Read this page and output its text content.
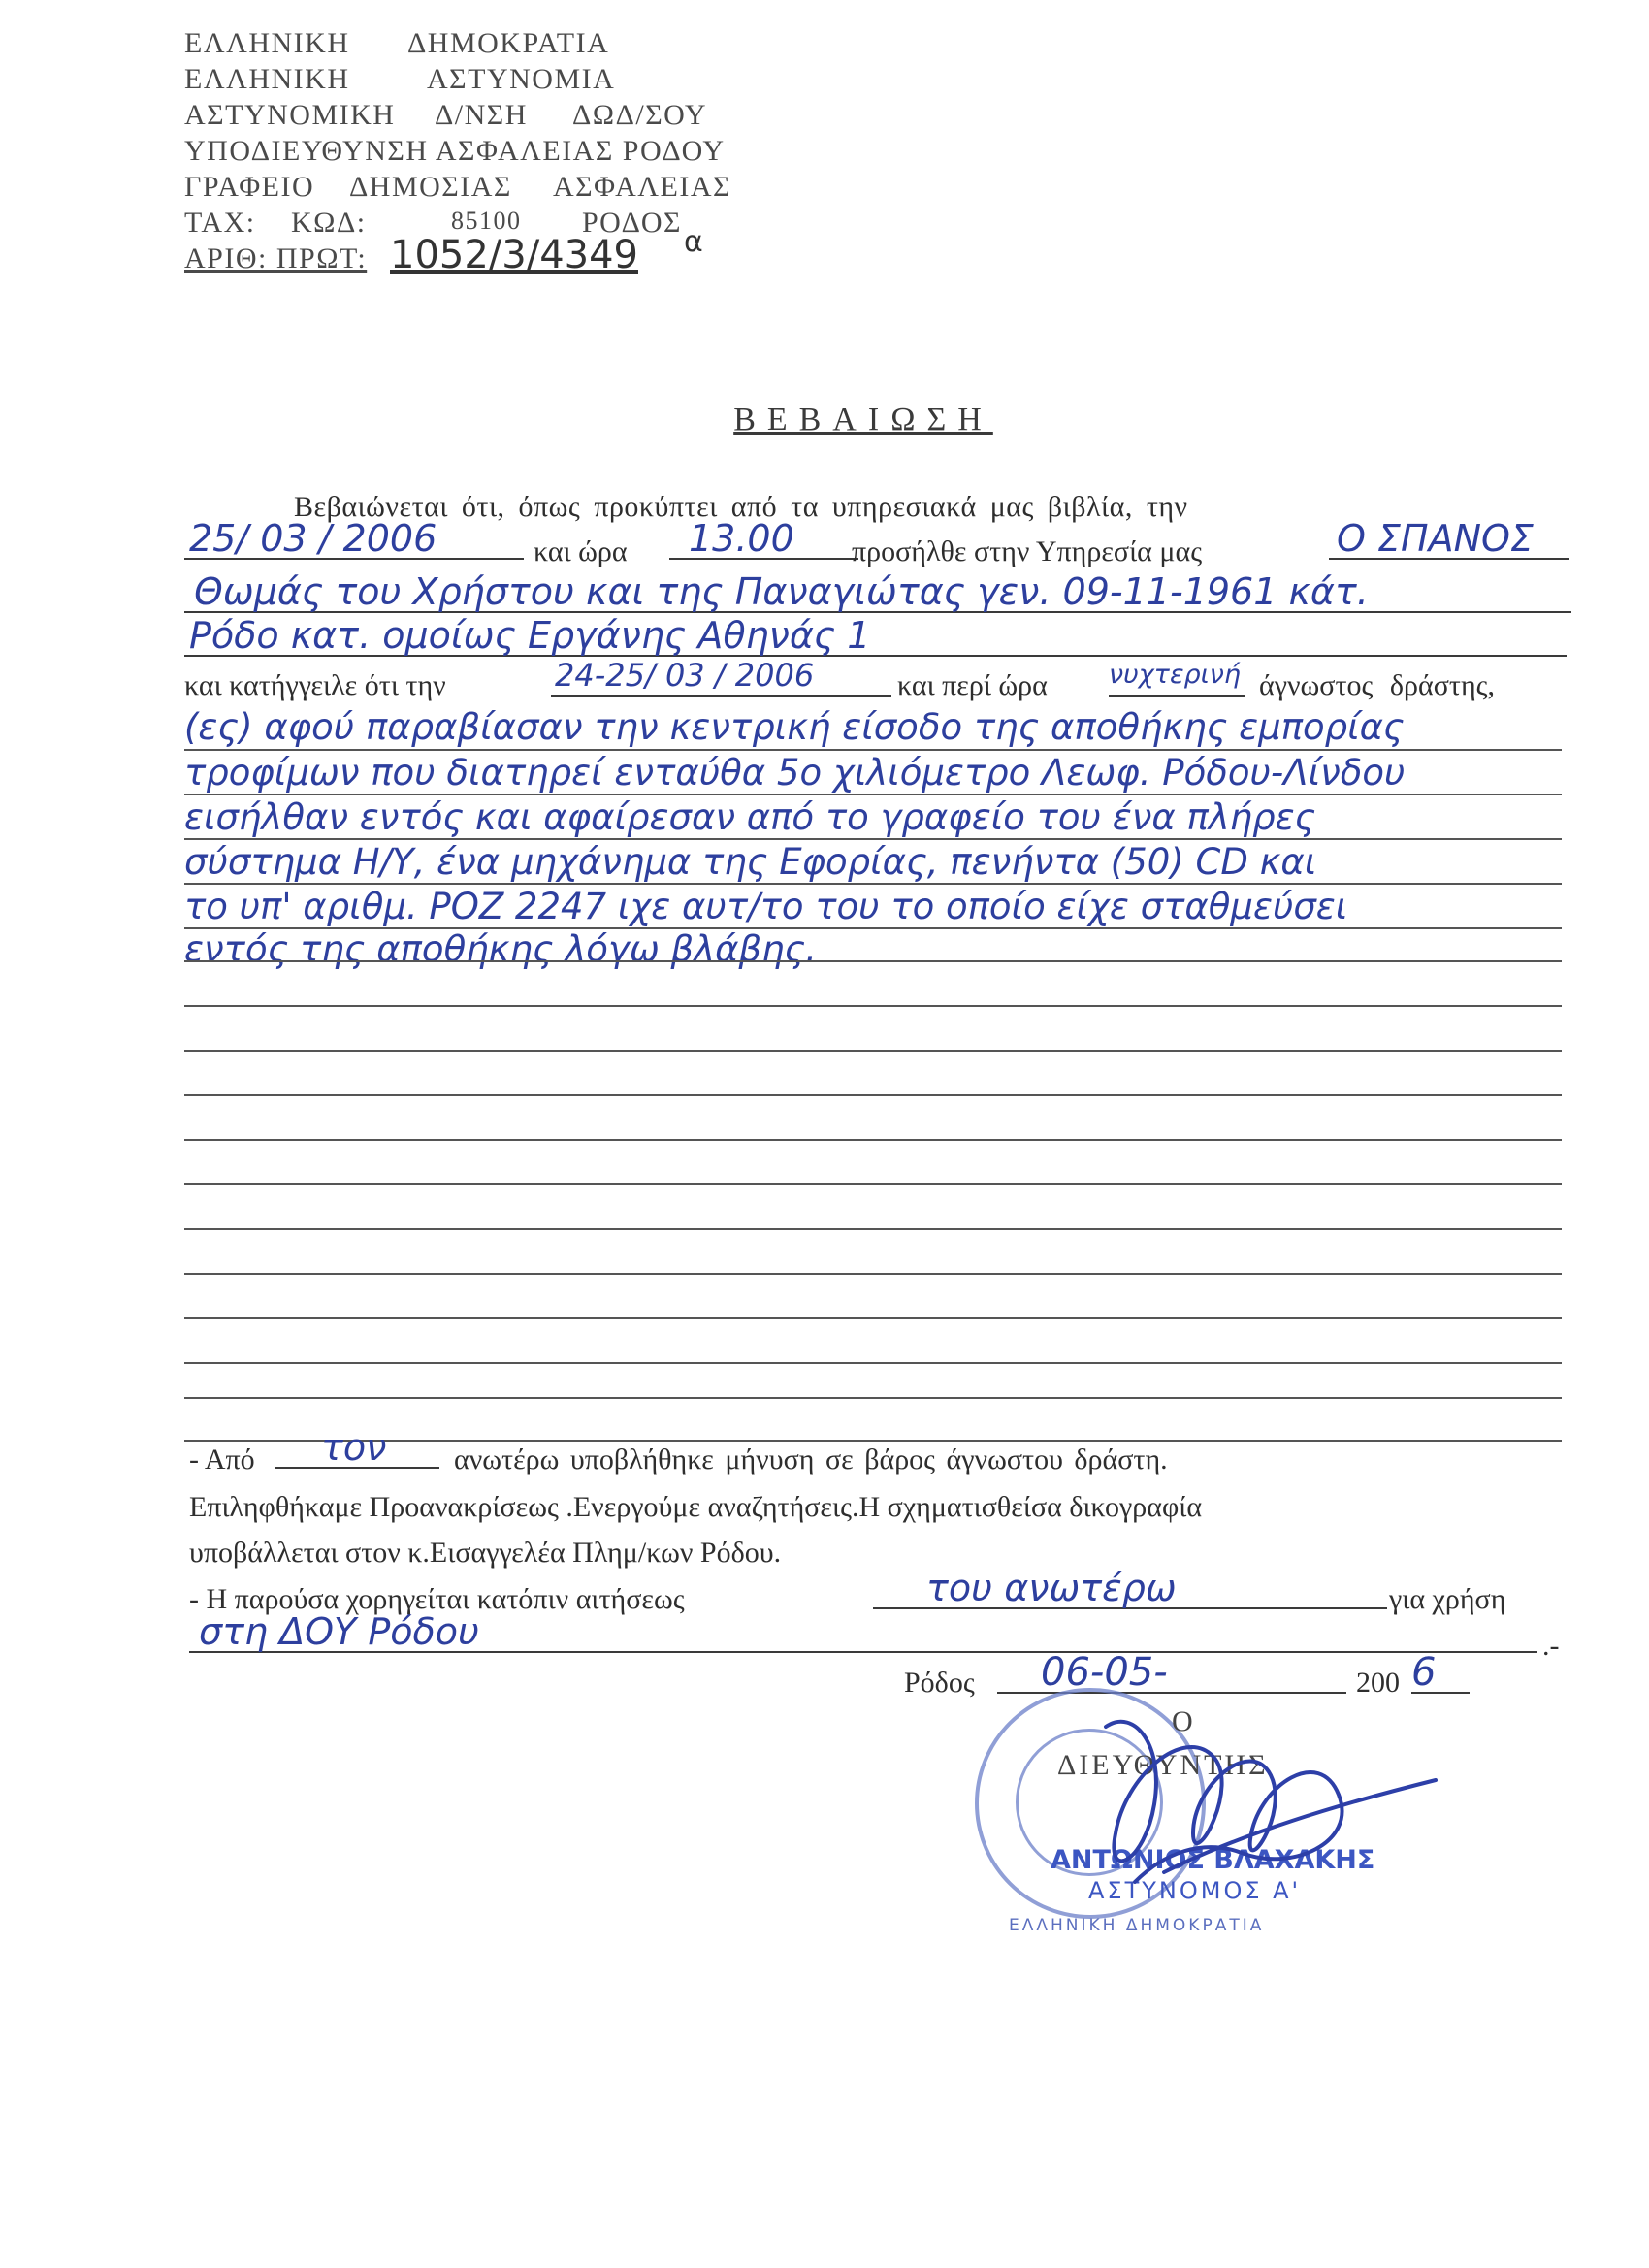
ΕΛΛΗΝΙΚΗ ΔΗΜΟΚΡΑΤΙΑ
ΕΛΛΗΝΙΚΗ	ΑΣΤΥΝΟΜΙΑ
ΑΣΤΥΝΟΜΙΚΗ Δ/ΝΣΗ ΔΩΔ/ΣΟΥ
ΥΠΟΔΙΕΥΘΥΝΣΗ ΑΣΦΑΛΕΙΑΣ ΡΟΔΟΥ
ΓΡΑΦΕΙΟ ΔΗΜΟΣΙΑΣ ΑΣΦΑΛΕΙΑΣ
ΤΑΧ: ΚΩΔ:	85100 ΡΟΔΟΣ
ΑΡΙΘ: ΠΡΩΤ: 1052/3/4349 α
ΒΕΒΑΙΩΣΗ
Βεβαιώνεται ότι, όπως προκύπτει από τα υπηρεσιακά μας βιβλία, την
25/ 03 / 2006	και ώρα	13.00	προσήλθε στην Υπηρεσία μας	Ο ΣΠΑΝΟΣ
Θωμάς του Χρήστου και της Παναγιώτας γεν. 09-11-1961 κάτ.
Ρόδο κατ. ομοίως Εργάνης Αθηνάς 1
και κατήγγειλε ότι την	24-25/ 03 / 2006	και περί ώρα νυχτερινή άγνωστος δράστης,
(ες) αφού παραβίασαν την κεντρική είσοδο της αποθήκης εμπορίας
τροφίμων που διατηρεί ενταύθα 5ο χιλιόμετρο Λεωφ. Ρόδου-Λίνδου
εισήλθαν εντός και αφαίρεσαν από το γραφείο του ένα πλήρες
σύστημα Η/Υ, ένα μηχάνημα της Εφορίας, πενήντα (50) CD και
το υπ' αριθμ. ΡΟΖ 2247 ιχε αυτ/το του το οποίο είχε σταθμεύσει
εντός της αποθήκης λόγω βλάβης.
- Από	τον	ανωτέρω υποβλήθηκε μήνυση σε βάρος άγνωστου δράστη.
Επιληφθήκαμε Προανακρίσεως .Ενεργούμε αναζητήσεις.Η σχηματισθείσα δικογραφία
υποβάλλεται στον κ.Εισαγγελέα Πλημ/κων Ρόδου.
- Η παρούσα χορηγείται κατόπιν αιτήσεως	του ανωτέρω	για χρήση
στη ΔΟΥ Ρόδου	.-
Ρόδος	06-05-	200 6
ΕΛΛΗΝΙΚΗ ΔΗΜΟΚΡΑΤΙΑ
Ο
ΔΙΕΥΘΥΝΤΗΣ
ΑΝΤΩΝΙΟΣ ΒΛΑΧΑΚΗΣ
ΑΣΤΥΝΟΜΟΣ Α'
